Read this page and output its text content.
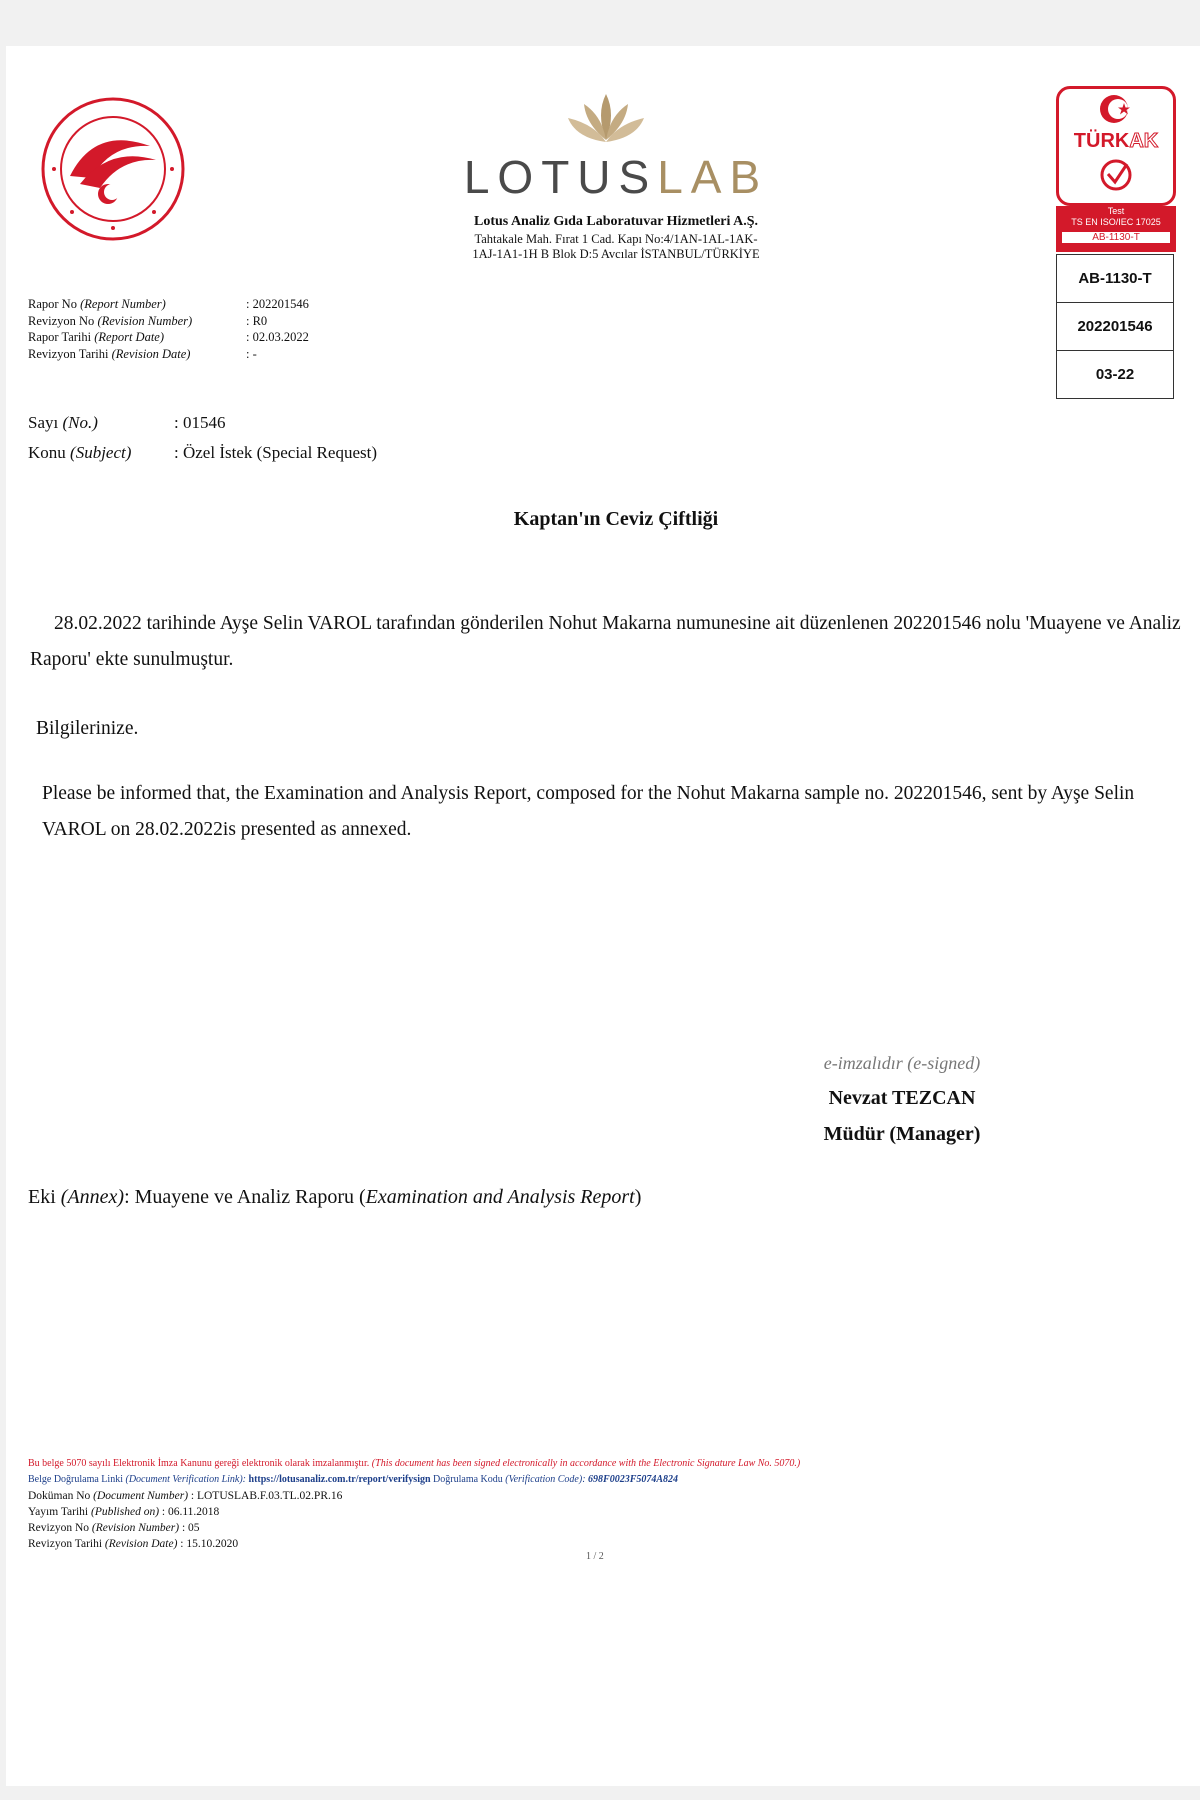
LOTUSLAB
Lotus Analiz Gıda Laboratuvar Hizmetleri A.Ş.
Tahtakale Mah. Fırat 1 Cad. Kapı No:4/1AN-1AL-1AK-
1AJ-1A1-1H B Blok D:5 Avcılar İSTANBUL/TÜRKİYE
TÜRKAK
Test
TS EN ISO/IEC 17025
AB-1130-T
AB-1130-T
202201546
03-22
Rapor No (Report Number)	: 202201546
Revizyon No (Revision Number)	: R0
Rapor Tarihi (Report Date)	: 02.03.2022
Revizyon Tarihi (Revision Date)	: -
Sayı (No.)	: 01546
Konu (Subject)	: Özel İstek (Special Request)
Kaptan'ın Ceviz Çiftliği
28.02.2022 tarihinde Ayşe Selin VAROL tarafından gönderilen Nohut Makarna numunesine ait düzenlenen 202201546 nolu 'Muayene ve Analiz Raporu' ekte sunulmuştur.
Bilgilerinize.
Please be informed that, the Examination and Analysis Report, composed for the Nohut Makarna sample no. 202201546, sent by Ayşe Selin VAROL on 28.02.2022is presented as annexed.
e-imzalıdır (e-signed)
Nevzat TEZCAN
Müdür (Manager)
Eki (Annex): Muayene ve Analiz Raporu (Examination and Analysis Report)
Bu belge 5070 sayılı Elektronik İmza Kanunu gereği elektronik olarak imzalanmıştır. (This document has been signed electronically in accordance with the Electronic Signature Law No. 5070.)
Belge Doğrulama Linki (Document Verification Link): https://lotusanaliz.com.tr/report/verifysign Doğrulama Kodu (Verification Code): 698F0023F5074A824
Doküman No (Document Number) : LOTUSLAB.F.03.TL.02.PR.16
Yayım Tarihi (Published on) : 06.11.2018
Revizyon No (Revision Number) : 05
Revizyon Tarihi (Revision Date) : 15.10.2020
1 / 2
